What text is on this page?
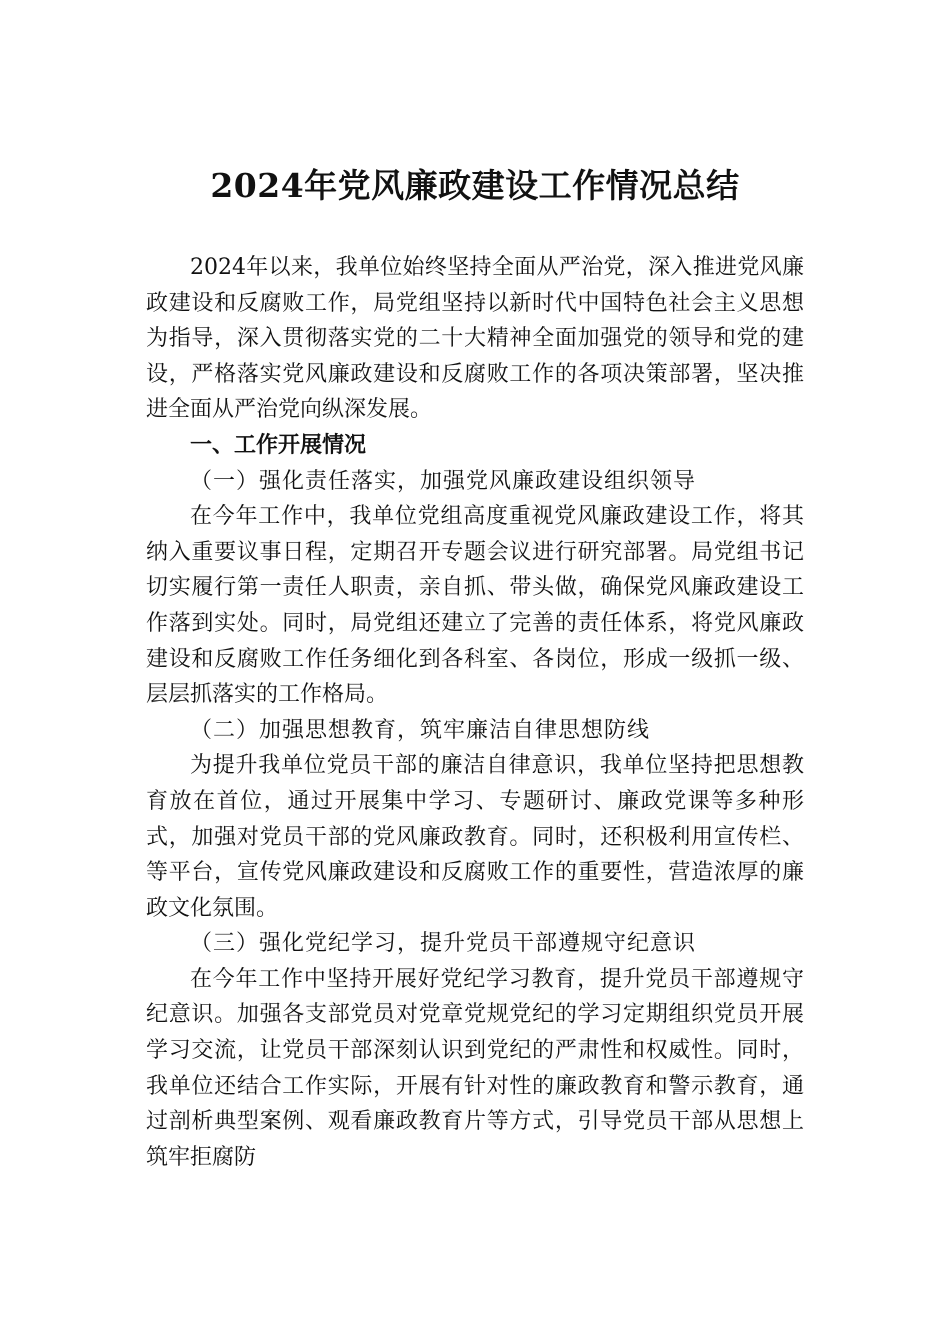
2024年党风廉政建设工作情况总结

2024年以来，我单位始终坚持全面从严治党，深入推进党风廉政建设和反腐败工作，局党组坚持以新时代中国特色社会主义思想为指导，深入贯彻落实党的二十大精神全面加强党的领导和党的建设，严格落实党风廉政建设和反腐败工作的各项决策部署，坚决推进全面从严治党向纵深发展。

一、工作开展情况

（一）强化责任落实，加强党风廉政建设组织领导

在今年工作中，我单位党组高度重视党风廉政建设工作，将其纳入重要议事日程，定期召开专题会议进行研究部署。局党组书记切实履行第一责任人职责，亲自抓、带头做，确保党风廉政建设工作落到实处。同时，局党组还建立了完善的责任体系，将党风廉政建设和反腐败工作任务细化到各科室、各岗位，形成一级抓一级、层层抓落实的工作格局。

（二）加强思想教育，筑牢廉洁自律思想防线

为提升我单位党员干部的廉洁自律意识，我单位坚持把思想教育放在首位，通过开展集中学习、专题研讨、廉政党课等多种形式，加强对党员干部的党风廉政教育。同时，还积极利用宣传栏、等平台，宣传党风廉政建设和反腐败工作的重要性，营造浓厚的廉政文化氛围。

（三）强化党纪学习，提升党员干部遵规守纪意识

在今年工作中坚持开展好党纪学习教育，提升党员干部遵规守纪意识。加强各支部党员对党章党规党纪的学习定期组织党员开展学习交流，让党员干部深刻认识到党纪的严肃性和权威性。同时，我单位还结合工作实际，开展有针对性的廉政教育和警示教育，通过剖析典型案例、观看廉政教育片等方式，引导党员干部从思想上筑牢拒腐防
